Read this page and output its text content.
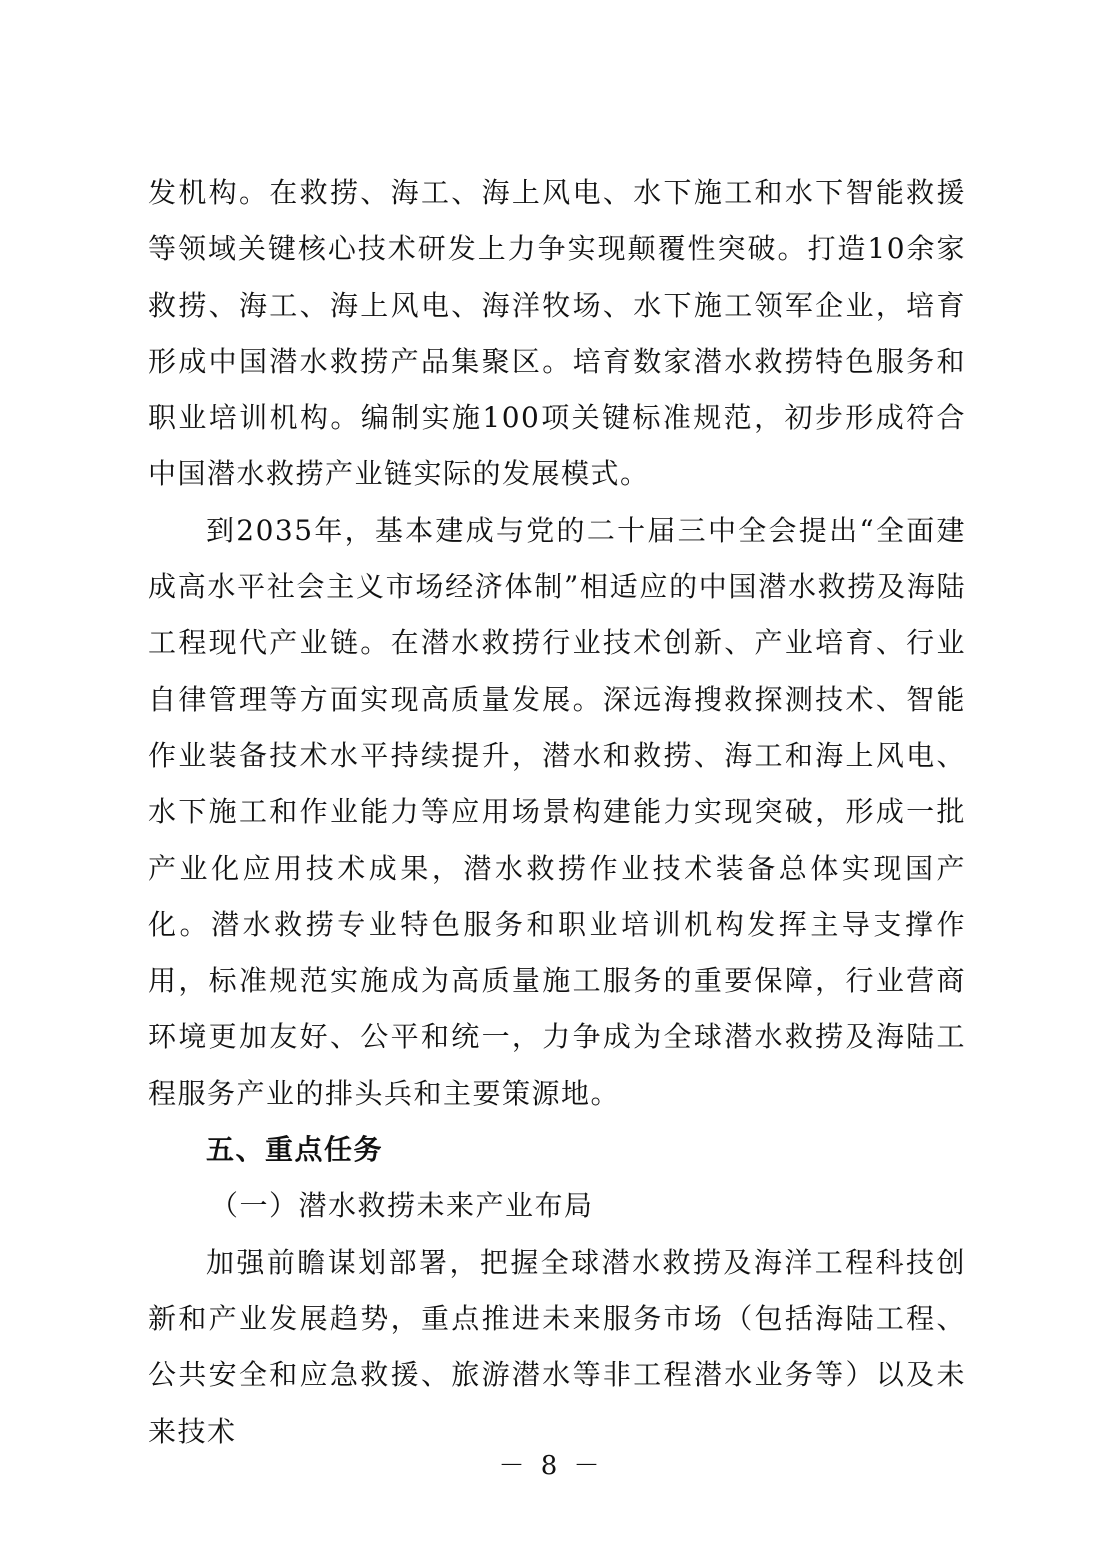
发机构。在救捞、海工、海上风电、水下施工和水下智能救援等领域关键核心技术研发上力争实现颠覆性突破。打造10余家救捞、海工、海上风电、海洋牧场、水下施工领军企业，培育形成中国潜水救捞产品集聚区。培育数家潜水救捞特色服务和职业培训机构。编制实施100项关键标准规范，初步形成符合中国潜水救捞产业链实际的发展模式。

到2035年，基本建成与党的二十届三中全会提出“全面建成高水平社会主义市场经济体制”相适应的中国潜水救捞及海陆工程现代产业链。在潜水救捞行业技术创新、产业培育、行业自律管理等方面实现高质量发展。深远海搜救探测技术、智能作业装备技术水平持续提升，潜水和救捞、海工和海上风电、水下施工和作业能力等应用场景构建能力实现突破，形成一批产业化应用技术成果，潜水救捞作业技术装备总体实现国产化。潜水救捞专业特色服务和职业培训机构发挥主导支撑作用，标准规范实施成为高质量施工服务的重要保障，行业营商环境更加友好、公平和统一，力争成为全球潜水救捞及海陆工程服务产业的排头兵和主要策源地。

五、重点任务

（一）潜水救捞未来产业布局

加强前瞻谋划部署，把握全球潜水救捞及海洋工程科技创新和产业发展趋势，重点推进未来服务市场（包括海陆工程、公共安全和应急救援、旅游潜水等非工程潜水业务等）以及未来技术

－ 8 －
